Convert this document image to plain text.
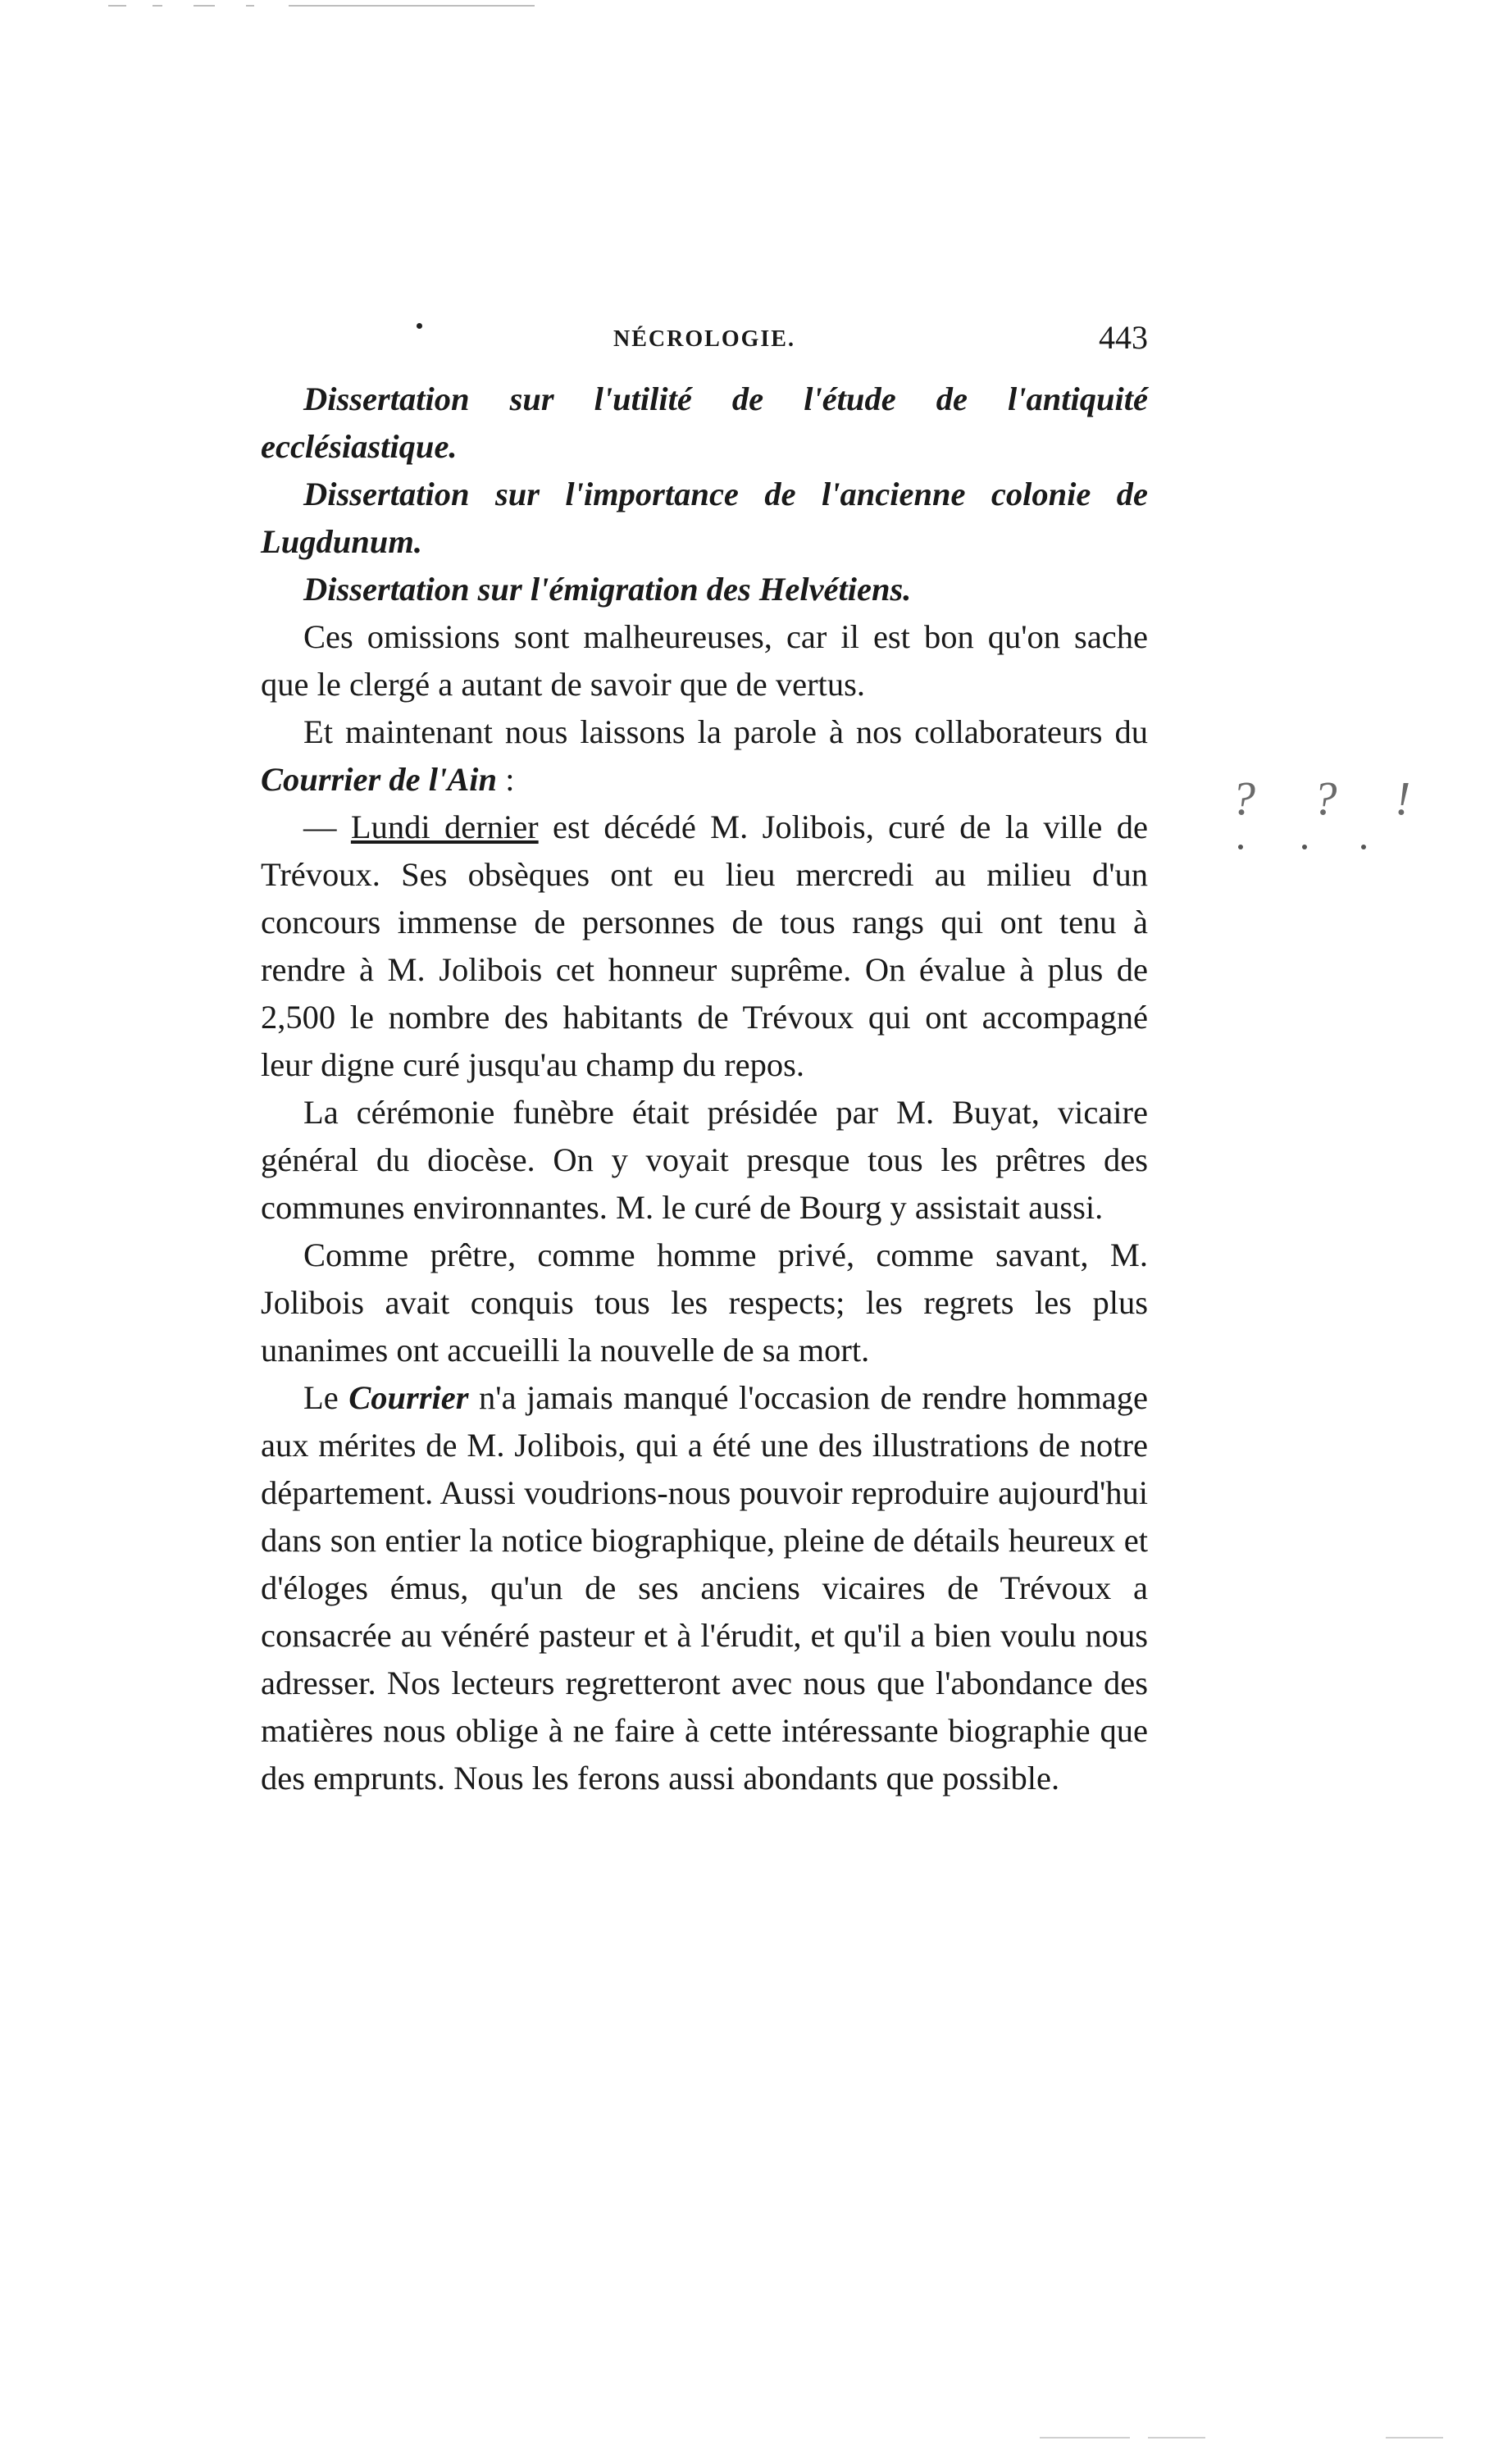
NÉCROLOGIE.	443

Dissertation sur l'utilité de l'étude de l'antiquité ecclésiastique.

Dissertation sur l'importance de l'ancienne colonie de Lugdunum.

Dissertation sur l'émigration des Helvétiens.

Ces omissions sont malheureuses, car il est bon qu'on sache que le clergé a autant de savoir que de vertus.

Et maintenant nous laissons la parole à nos collaborateurs du Courrier de l'Ain :

— Lundi dernier est décédé M. Jolibois, curé de la ville de Trévoux. Ses obsèques ont eu lieu mercredi au milieu d'un concours immense de personnes de tous rangs qui ont tenu à rendre à M. Jolibois cet honneur suprême. On évalue à plus de 2,500 le nombre des habitants de Trévoux qui ont accompagné leur digne curé jusqu'au champ du repos.

La cérémonie funèbre était présidée par M. Buyat, vicaire général du diocèse. On y voyait presque tous les prêtres des communes environnantes. M. le curé de Bourg y assistait aussi.

Comme prêtre, comme homme privé, comme savant, M. Jolibois avait conquis tous les respects; les regrets les plus unanimes ont accueilli la nouvelle de sa mort.

Le Courrier n'a jamais manqué l'occasion de rendre hommage aux mérites de M. Jolibois, qui a été une des illustrations de notre département. Aussi voudrions-nous pouvoir reproduire aujourd'hui dans son entier la notice biographique, pleine de détails heureux et d'éloges émus, qu'un de ses anciens vicaires de Trévoux a consacrée au vénéré pasteur et à l'érudit, et qu'il a bien voulu nous adresser. Nos lecteurs regretteront avec nous que l'abondance des matières nous oblige à ne faire à cette intéressante biographie que des emprunts. Nous les ferons aussi abondants que possible.

? ? !
